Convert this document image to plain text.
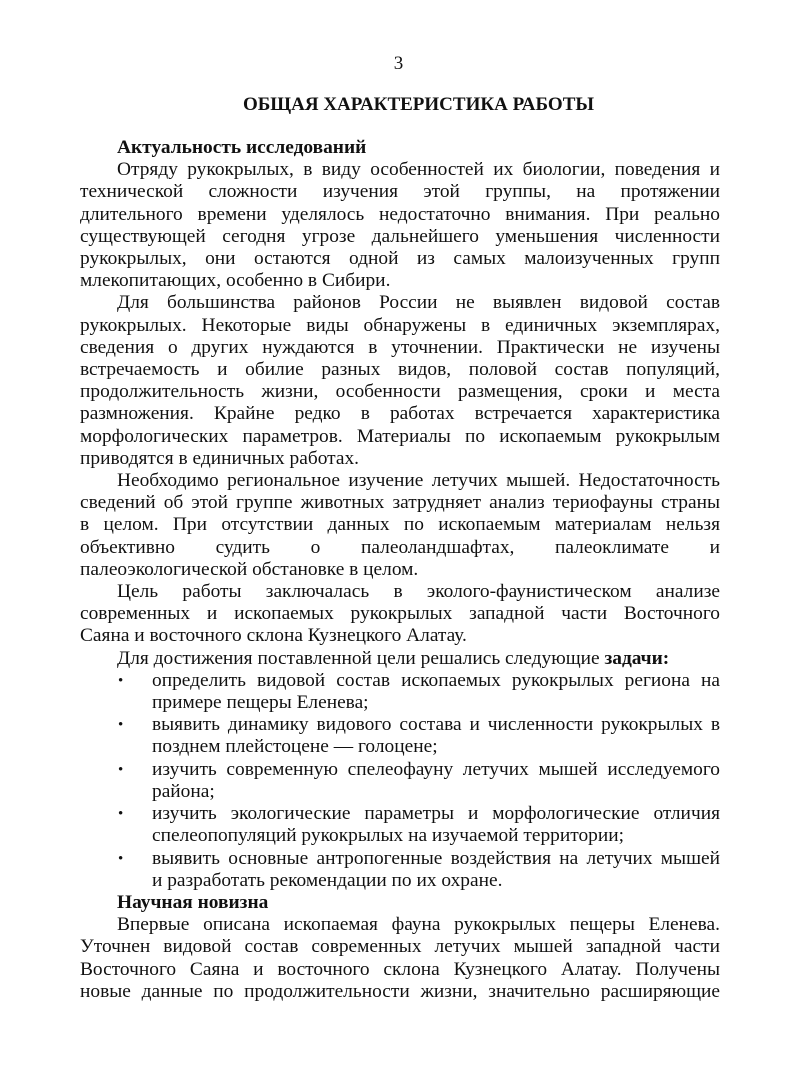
3
ОБЩАЯ ХАРАКТЕРИСТИКА РАБОТЫ
Актуальность исследований
Отряду рукокрылых, в виду особенностей их биологии, поведения и
технической сложности изучения этой группы, на протяжении
длительного времени уделялось недостаточно внимания. При реально
существующей сегодня угрозе дальнейшего уменьшения численности
рукокрылых, они остаются одной из самых малоизученных групп
млекопитающих, особенно в Сибири.
Для большинства районов России не выявлен видовой состав
рукокрылых. Некоторые виды обнаружены в единичных экземплярах,
сведения о других нуждаются в уточнении. Практически не изучены
встречаемость и обилие разных видов, половой состав популяций,
продолжительность жизни, особенности размещения, сроки и места
размножения. Крайне редко в работах встречается характеристика
морфологических параметров. Материалы по ископаемым рукокрылым
приводятся в единичных работах.
Необходимо региональное изучение летучих мышей. Недостаточность
сведений об этой группе животных затрудняет анализ териофауны страны
в целом. При отсутствии данных по ископаемым материалам нельзя
объективно судить о палеоландшафтах, палеоклимате и
палеоэкологической обстановке в целом.
Цель работы заключалась в эколого-фаунистическом анализе
современных и ископаемых рукокрылых западной части Восточного
Саяна и восточного склона Кузнецкого Алатау.
Для достижения поставленной цели решались следующие задачи:
• определить видовой состав ископаемых рукокрылых региона на
примере пещеры Еленева;
• выявить динамику видового состава и численности рукокрылых в
позднем плейстоцене — голоцене;
• изучить современную спелеофауну летучих мышей исследуемого
района;
• изучить экологические параметры и морфологические отличия
спелеопопуляций рукокрылых на изучаемой территории;
• выявить основные антропогенные воздействия на летучих мышей
и разработать рекомендации по их охране.
Научная новизна
Впервые описана ископаемая фауна рукокрылых пещеры Еленева.
Уточнен видовой состав современных летучих мышей западной части
Восточного Саяна и восточного склона Кузнецкого Алатау. Получены
новые данные по продолжительности жизни, значительно расширяющие
